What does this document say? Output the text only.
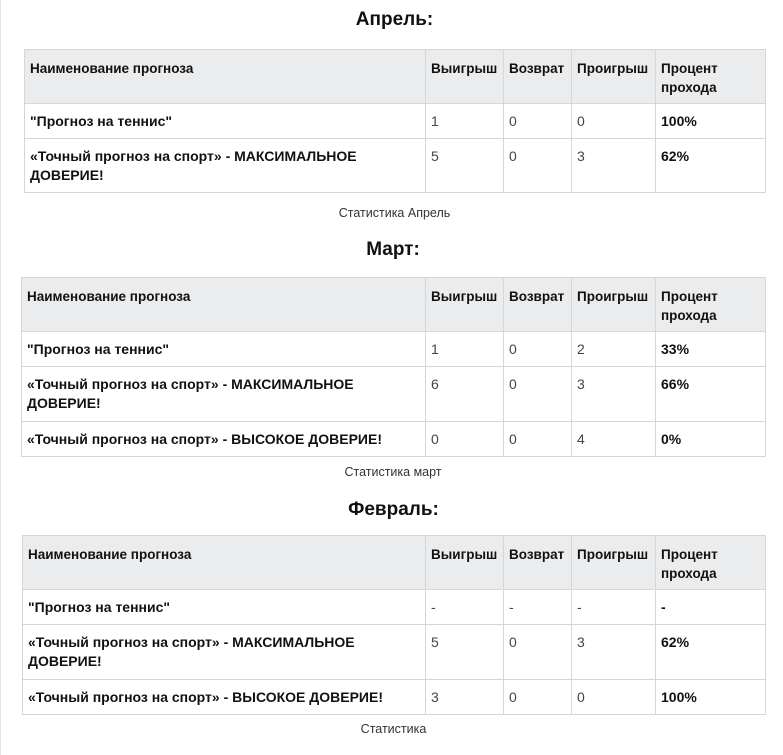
Апрель:
Наименование прогноза	Выигрыш	Возврат	Проигрыш	Процент прохода
"Прогноз на теннис"	1	0	0	100%
«Точный прогноз на спорт» - МАКСИМАЛЬНОЕ ДОВЕРИЕ!	5	0	3	62%
Статистика Апрель
Март:
Наименование прогноза	Выигрыш	Возврат	Проигрыш	Процент прохода
"Прогноз на теннис"	1	0	2	33%
«Точный прогноз на спорт» - МАКСИМАЛЬНОЕ ДОВЕРИЕ!	6	0	3	66%
«Точный прогноз на спорт» - ВЫСОКОЕ ДОВЕРИЕ!	0	0	4	0%
Статистика март
Февраль:
Наименование прогноза	Выигрыш	Возврат	Проигрыш	Процент прохода
"Прогноз на теннис"	-	-	-	-
«Точный прогноз на спорт» - МАКСИМАЛЬНОЕ ДОВЕРИЕ!	5	0	3	62%
«Точный прогноз на спорт» - ВЫСОКОЕ ДОВЕРИЕ!	3	0	0	100%
Статистика
